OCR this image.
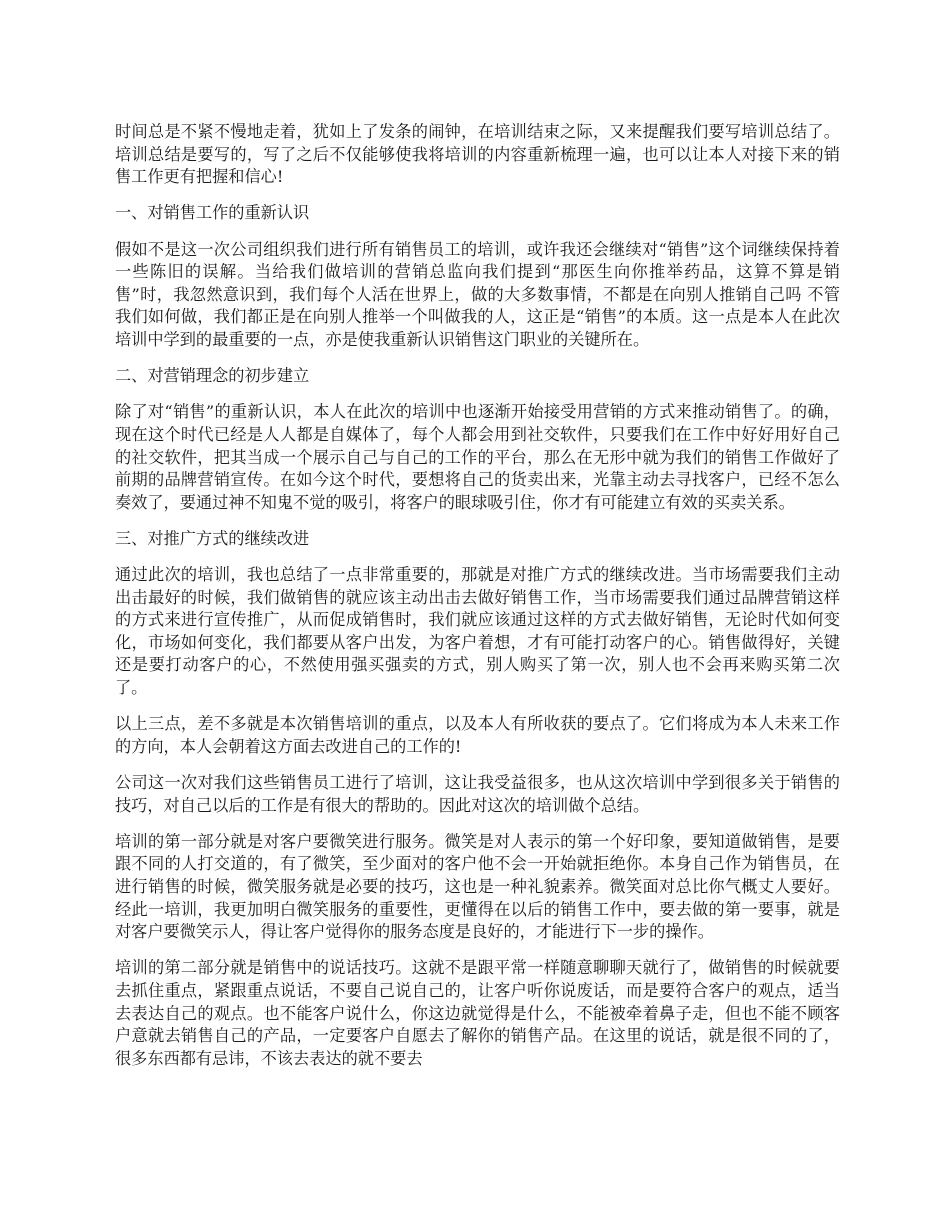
时间总是不紧不慢地走着，犹如上了发条的闹钟，在培训结束之际，又来提醒我们要写培训总结了。培训总结是要写的，写了之后不仅能够使我将培训的内容重新梳理一遍，也可以让本人对接下来的销售工作更有把握和信心!

一、对销售工作的重新认识

假如不是这一次公司组织我们进行所有销售员工的培训，或许我还会继续对“销售”这个词继续保持着一些陈旧的误解。当给我们做培训的营销总监向我们提到“那医生向你推举药品，这算不算是销售”时，我忽然意识到，我们每个人活在世界上，做的大多数事情，不都是在向别人推销自己吗 不管我们如何做，我们都正是在向别人推举一个叫做我的人，这正是“销售”的本质。这一点是本人在此次培训中学到的最重要的一点，亦是使我重新认识销售这门职业的关键所在。

二、对营销理念的初步建立

除了对“销售”的重新认识，本人在此次的培训中也逐渐开始接受用营销的方式来推动销售了。的确，现在这个时代已经是人人都是自媒体了，每个人都会用到社交软件，只要我们在工作中好好用好自己的社交软件，把其当成一个展示自己与自己的工作的平台，那么在无形中就为我们的销售工作做好了前期的品牌营销宣传。在如今这个时代，要想将自己的货卖出来，光靠主动去寻找客户，已经不怎么奏效了，要通过神不知鬼不觉的吸引，将客户的眼球吸引住，你才有可能建立有效的买卖关系。

三、对推广方式的继续改进

通过此次的培训，我也总结了一点非常重要的，那就是对推广方式的继续改进。当市场需要我们主动出击最好的时候，我们做销售的就应该主动出击去做好销售工作，当市场需要我们通过品牌营销这样的方式来进行宣传推广，从而促成销售时，我们就应该通过这样的方式去做好销售，无论时代如何变化，市场如何变化，我们都要从客户出发，为客户着想，才有可能打动客户的心。销售做得好，关键还是要打动客户的心，不然使用强买强卖的方式，别人购买了第一次，别人也不会再来购买第二次了。

以上三点，差不多就是本次销售培训的重点，以及本人有所收获的要点了。它们将成为本人未来工作的方向，本人会朝着这方面去改进自己的工作的!

公司这一次对我们这些销售员工进行了培训，这让我受益很多，也从这次培训中学到很多关于销售的技巧，对自己以后的工作是有很大的帮助的。因此对这次的培训做个总结。

培训的第一部分就是对客户要微笑进行服务。微笑是对人表示的第一个好印象，要知道做销售，是要跟不同的人打交道的，有了微笑，至少面对的客户他不会一开始就拒绝你。本身自己作为销售员，在进行销售的时候，微笑服务就是必要的技巧，这也是一种礼貌素养。微笑面对总比你气概丈人要好。经此一培训，我更加明白微笑服务的重要性，更懂得在以后的销售工作中，要去做的第一要事，就是对客户要微笑示人，得让客户觉得你的服务态度是良好的，才能进行下一步的操作。

培训的第二部分就是销售中的说话技巧。这就不是跟平常一样随意聊聊天就行了，做销售的时候就要去抓住重点，紧跟重点说话，不要自己说自己的，让客户听你说废话，而是要符合客户的观点，适当去表达自己的观点。也不能客户说什么，你这边就觉得是什么，不能被牵着鼻子走，但也不能不顾客户意就去销售自己的产品，一定要客户自愿去了解你的销售产品。在这里的说话，就是很不同的了，很多东西都有忌讳，不该去表达的就不要去
